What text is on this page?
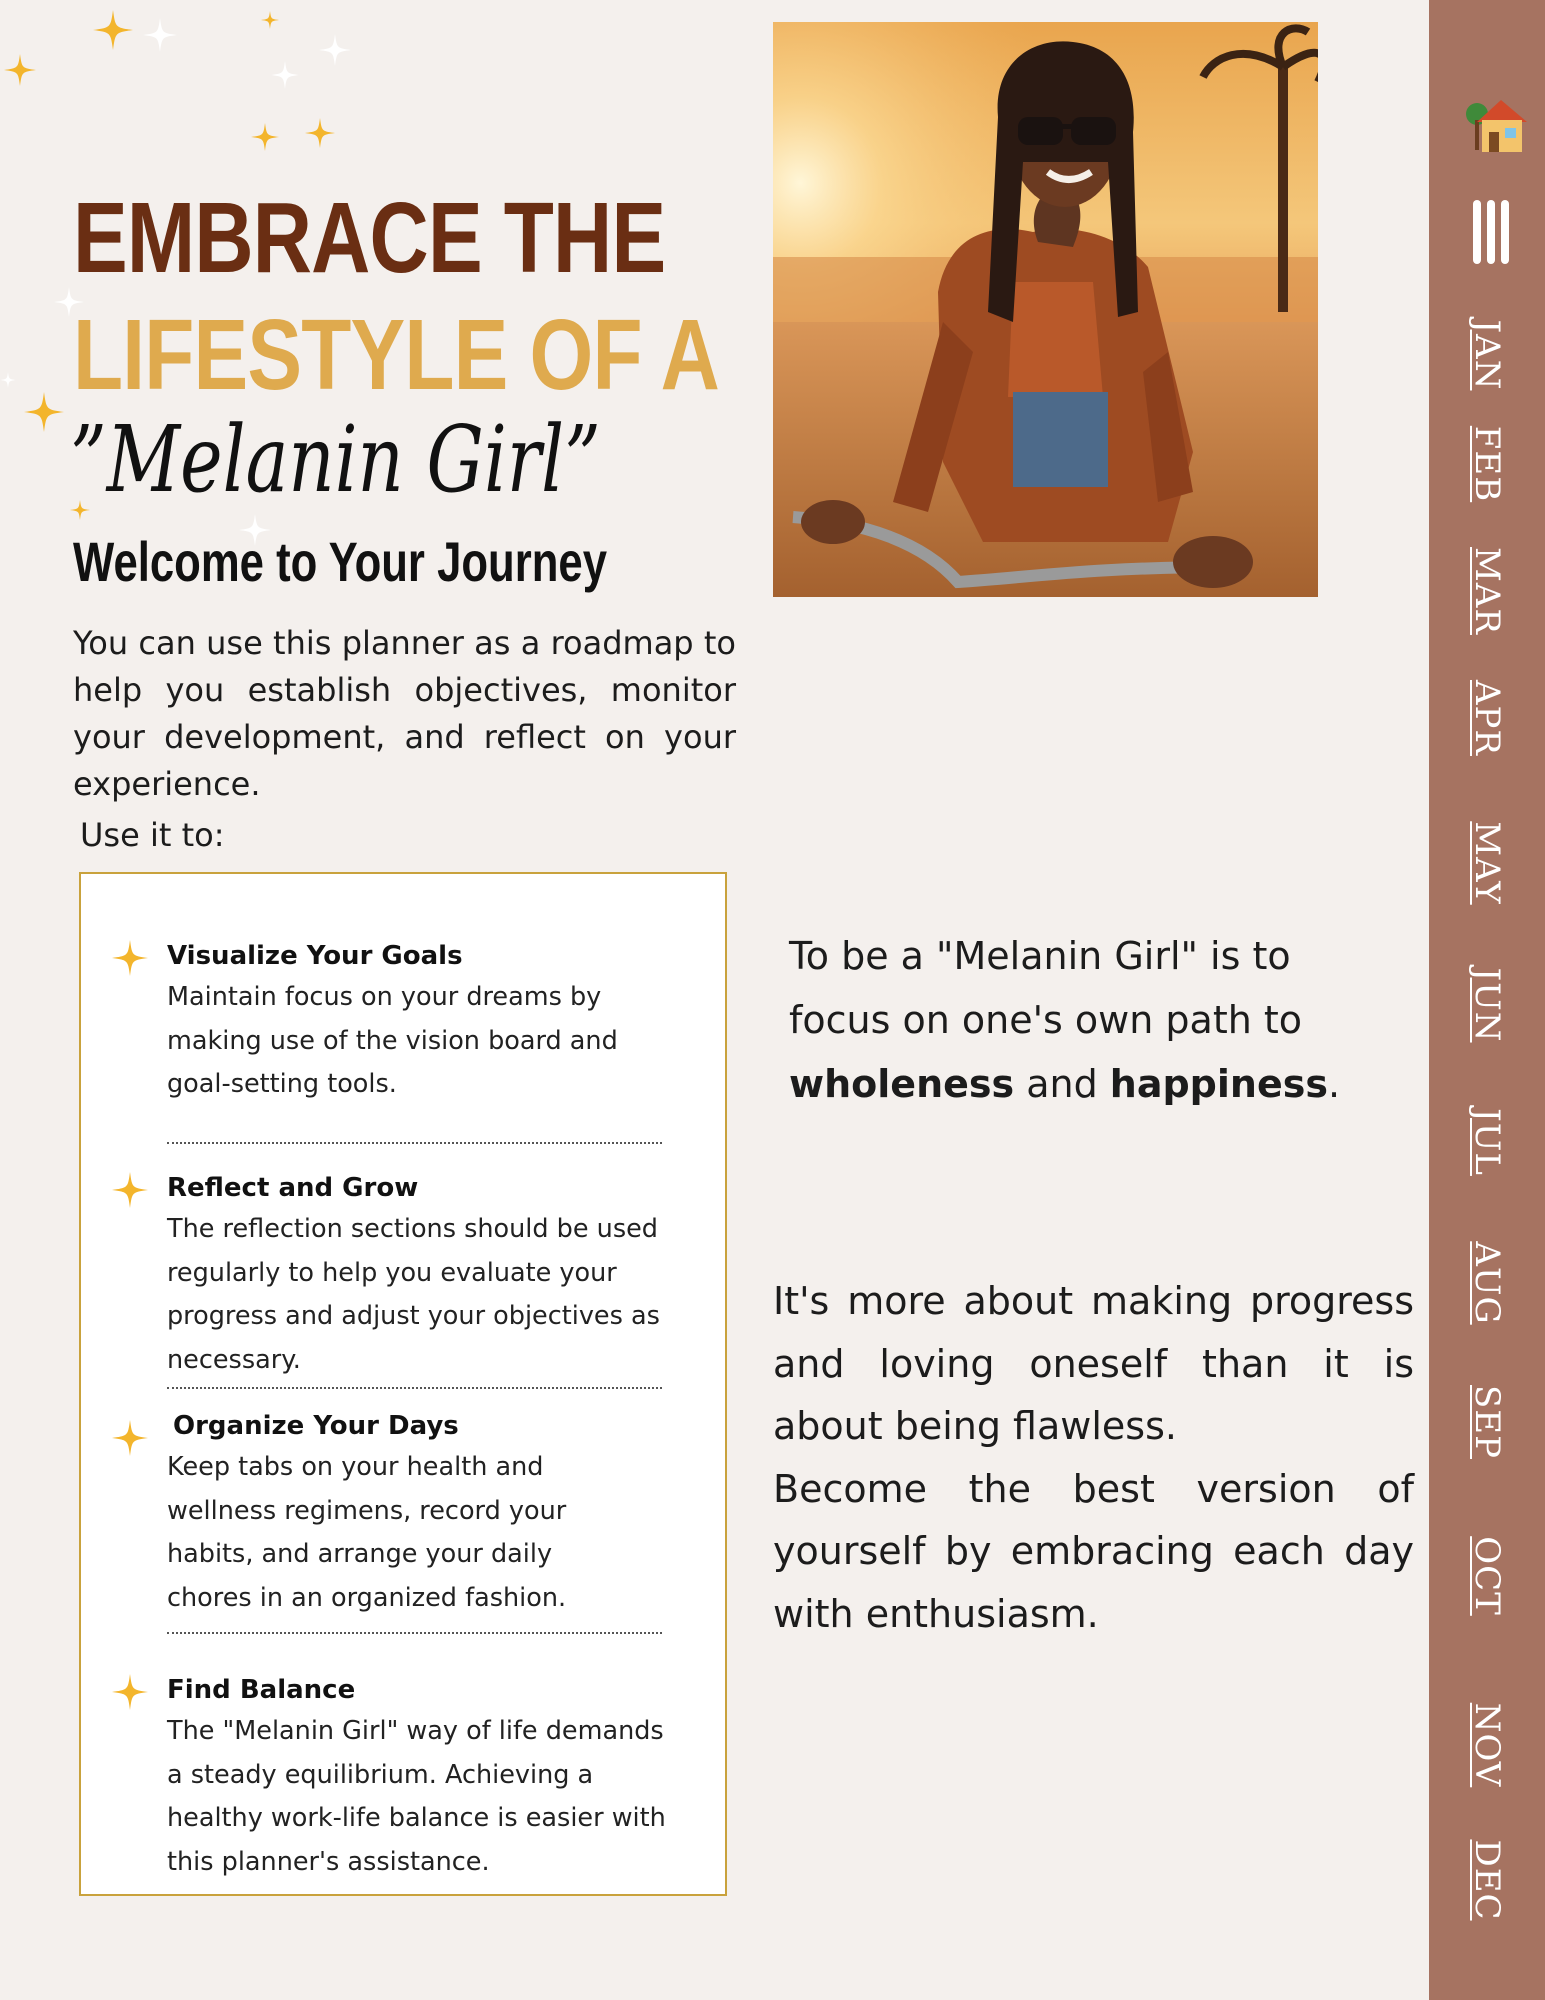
EMBRACE THE
LIFESTYLE OF A
”Melanin Girl”
Welcome to Your Journey

You can use this planner as a roadmap to help you establish objectives, monitor your development, and reflect on your experience.

Use it to:
Visualize Your Goals
Maintain focus on your dreams by making use of the vision board and goal-setting tools.
Reflect and Grow
The reflection sections should be used regularly to help you evaluate your progress and adjust your objectives as necessary.
Organize Your Days
Keep tabs on your health and wellness regimens, record your habits, and arrange your daily chores in an organized fashion.
Find Balance
The "Melanin Girl" way of life demands a steady equilibrium. Achieving a healthy work-life balance is easier with this planner's assistance.

To be a "Melanin Girl" is to focus on one's own path to wholeness and happiness.

It's more about making progress and loving oneself than it is about being flawless.
Become the best version of yourself by embracing each day with enthusiasm.
JAN
FEB
MAR
APR
MAY
JUN
JUL
AUG
SEP
OCT
NOV
DEC
